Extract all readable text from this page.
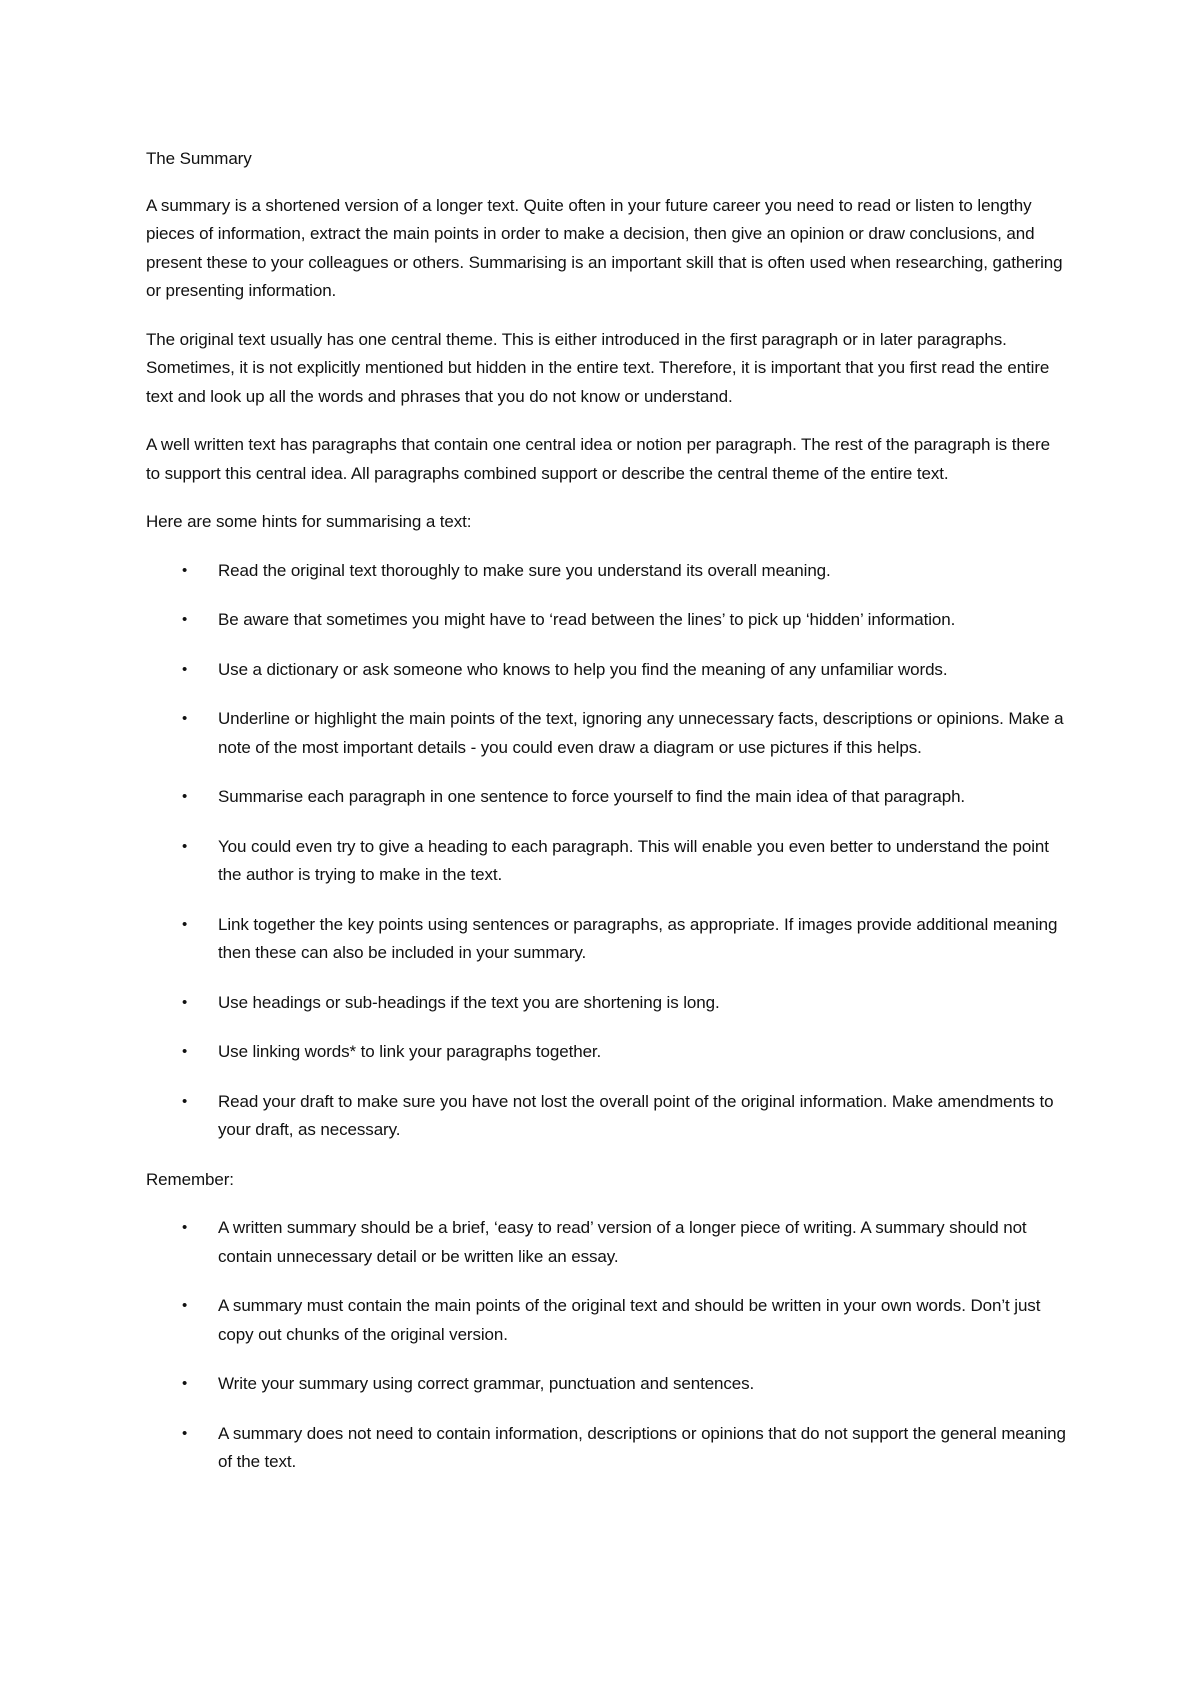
The Summary

A summary is a shortened version of a longer text. Quite often in your future career you need to read or listen to lengthy pieces of information, extract the main points in order to make a decision, then give an opinion or draw conclusions, and present these to your colleagues or others. Summarising is an important skill that is often used when researching, gathering or presenting information.

The original text usually has one central theme. This is either introduced in the first paragraph or in later paragraphs. Sometimes, it is not explicitly mentioned but hidden in the entire text. Therefore, it is important that you first read the entire text and look up all the words and phrases that you do not know or understand.

A well written text has paragraphs that contain one central idea or notion per paragraph. The rest of the paragraph is there to support this central idea. All paragraphs combined support or describe the central theme of the entire text.

Here are some hints for summarising a text:
• Read the original text thoroughly to make sure you understand its overall meaning.
• Be aware that sometimes you might have to ‘read between the lines’ to pick up ‘hidden’ information.
• Use a dictionary or ask someone who knows to help you find the meaning of any unfamiliar words.
• Underline or highlight the main points of the text, ignoring any unnecessary facts, descriptions or opinions. Make a note of the most important details - you could even draw a diagram or use pictures if this helps.
• Summarise each paragraph in one sentence to force yourself to find the main idea of that paragraph.
• You could even try to give a heading to each paragraph. This will enable you even better to understand the point the author is trying to make in the text.
• Link together the key points using sentences or paragraphs, as appropriate. If images provide additional meaning then these can also be included in your summary.
• Use headings or sub-headings if the text you are shortening is long.
• Use linking words* to link your paragraphs together.
• Read your draft to make sure you have not lost the overall point of the original information. Make amendments to your draft, as necessary.
Remember:
• A written summary should be a brief, ‘easy to read’ version of a longer piece of writing. A summary should not contain unnecessary detail or be written like an essay.
• A summary must contain the main points of the original text and should be written in your own words. Don’t just copy out chunks of the original version.
• Write your summary using correct grammar, punctuation and sentences.
• A summary does not need to contain information, descriptions or opinions that do not support the general meaning of the text.
